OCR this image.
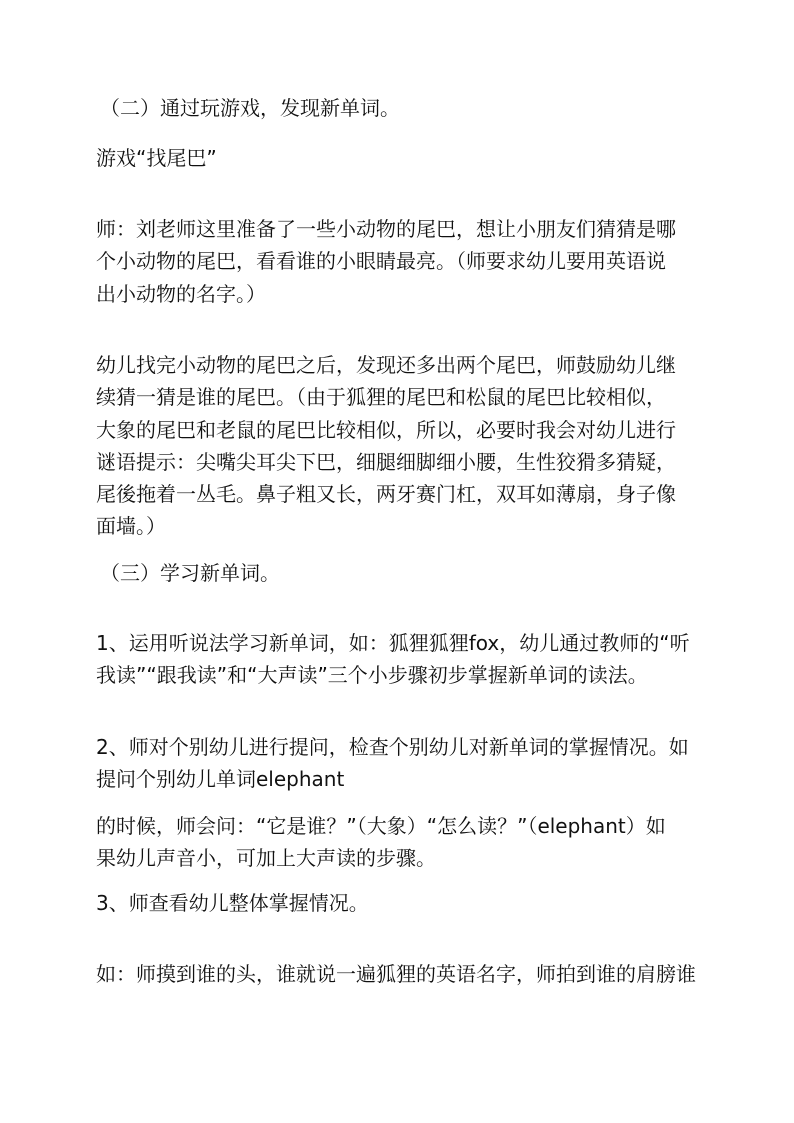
（二）通过玩游戏，发现新单词。
游戏“找尾巴”
师：刘老师这里准备了一些小动物的尾巴，想让小朋友们猜猜是哪
个小动物的尾巴，看看谁的小眼睛最亮。（师要求幼儿要用英语说
出小动物的名字。）
幼儿找完小动物的尾巴之后，发现还多出两个尾巴，师鼓励幼儿继
续猜一猜是谁的尾巴。（由于狐狸的尾巴和松鼠的尾巴比较相似，
大象的尾巴和老鼠的尾巴比较相似，所以，必要时我会对幼儿进行
谜语提示：尖嘴尖耳尖下巴，细腿细脚细小腰，生性狡猾多猜疑，
尾後拖着一丛毛。鼻子粗又长，两牙赛门杠，双耳如薄扇，身子像
面墙。）
（三）学习新单词。
1、运用听说法学习新单词，如：狐狸狐狸fox，幼儿通过教师的“听
我读”“跟我读”和“大声读”三个小步骤初步掌握新单词的读法。
2、师对个别幼儿进行提问，检查个别幼儿对新单词的掌握情况。如
提问个别幼儿单词elephant
的时候，师会问：“它是谁？”（大象）“怎么读？”（elephant）如
果幼儿声音小，可加上大声读的步骤。
3、师查看幼儿整体掌握情况。
如：师摸到谁的头，谁就说一遍狐狸的英语名字，师拍到谁的肩膀谁
